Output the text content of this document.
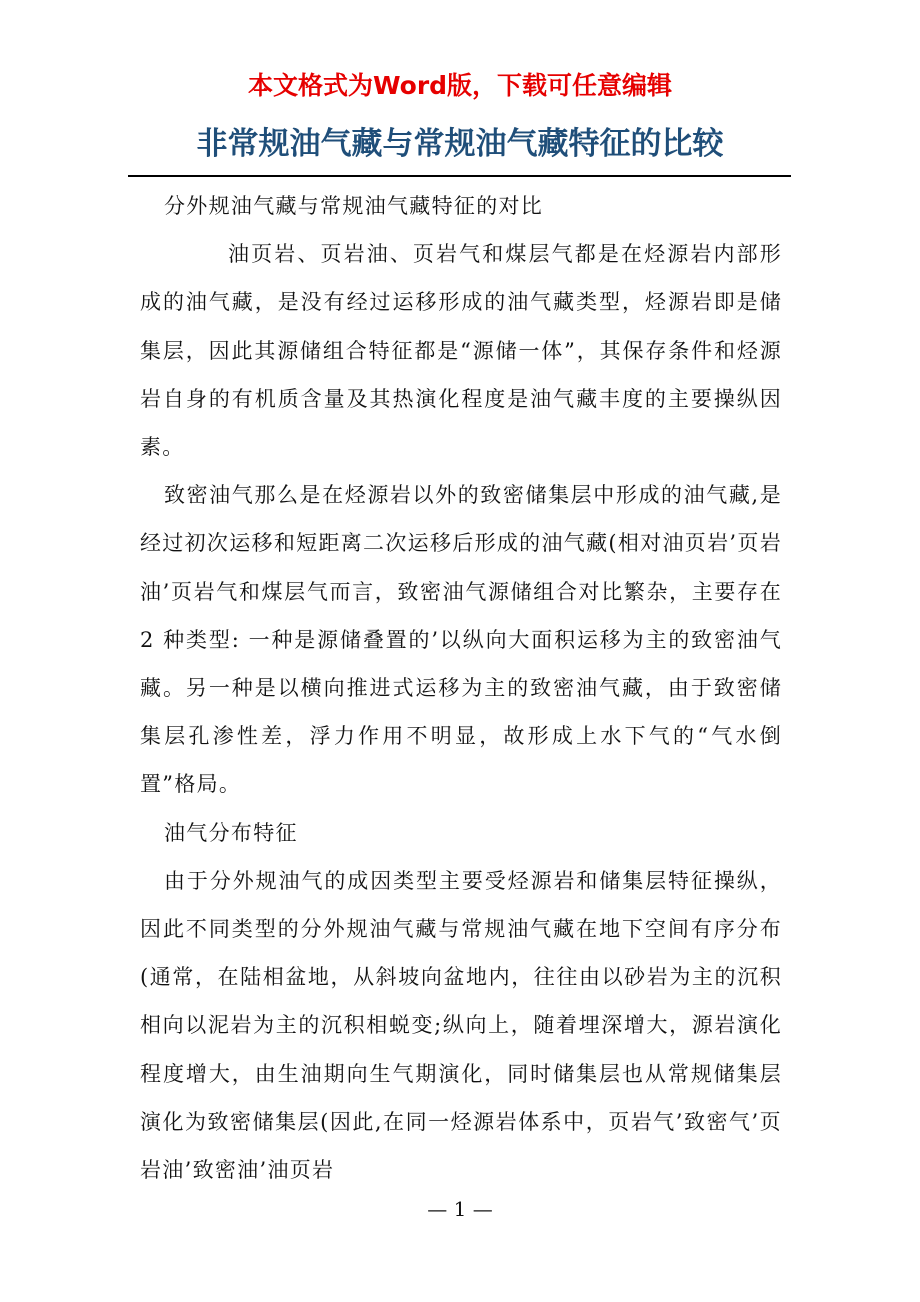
本文格式为Word版，下载可任意编辑
非常规油气藏与常规油气藏特征的比较

分外规油气藏与常规油气藏特征的对比

油页岩、页岩油、页岩气和煤层气都是在烃源岩内部形成的油气藏，是没有经过运移形成的油气藏类型，烃源岩即是储集层，因此其源储组合特征都是“源储一体”，其保存条件和烃源岩自身的有机质含量及其热演化程度是油气藏丰度的主要操纵因素。

致密油气那么是在烃源岩以外的致密储集层中形成的油气藏,是经过初次运移和短距离二次运移后形成的油气藏(相对油页岩’页岩油’页岩气和煤层气而言，致密油气源储组合对比繁杂，主要存在2 种类型: 一种是源储叠置的’以纵向大面积运移为主的致密油气藏。另一种是以横向推进式运移为主的致密油气藏，由于致密储集层孔渗性差，浮力作用不明显，故形成上水下气的“气水倒置”格局。

油气分布特征

由于分外规油气的成因类型主要受烃源岩和储集层特征操纵，因此不同类型的分外规油气藏与常规油气藏在地下空间有序分布(通常，在陆相盆地，从斜坡向盆地内，往往由以砂岩为主的沉积相向以泥岩为主的沉积相蜕变;纵向上，随着埋深增大，源岩演化程度增大，由生油期向生气期演化，同时储集层也从常规储集层演化为致密储集层(因此,在同一烃源岩体系中，页岩气’致密气’页岩油’致密油’油页岩

— 1 —
